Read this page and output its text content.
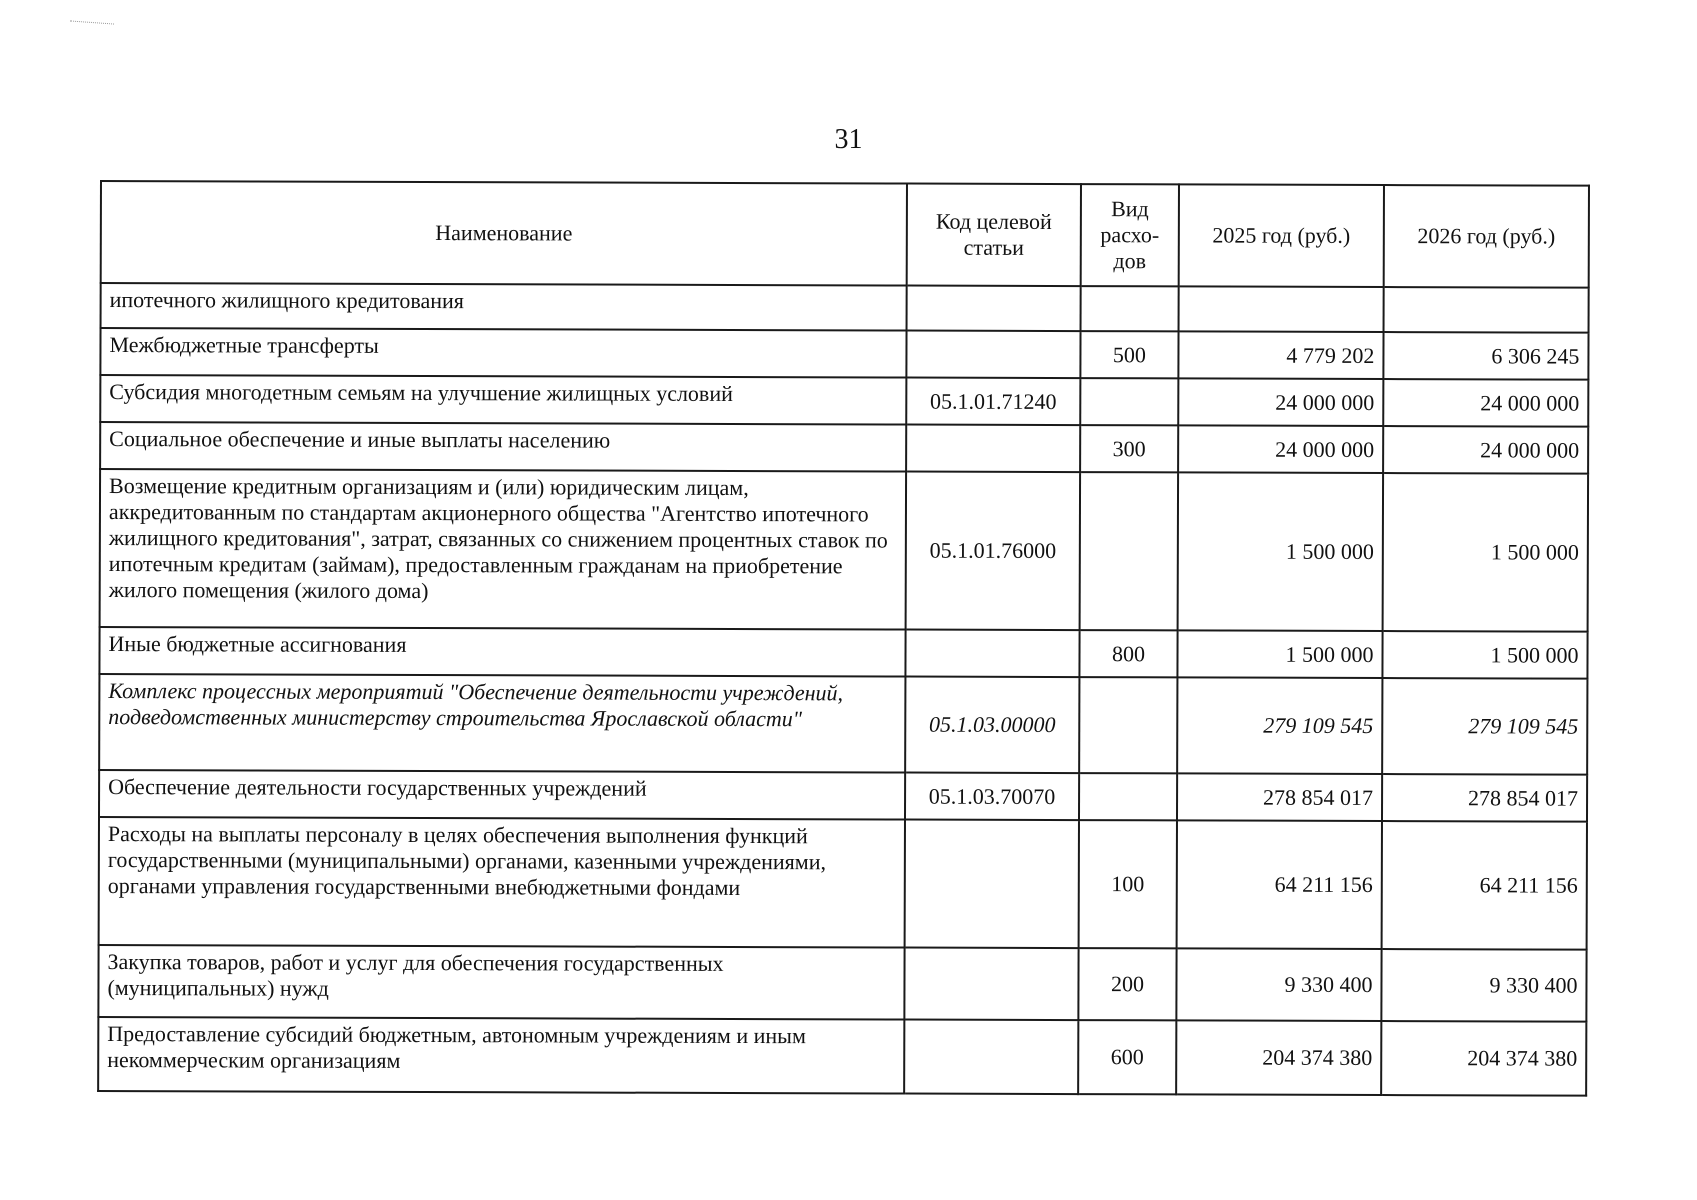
31
Наименование	Код целевой статьи	Вид расхо-дов	2025 год (руб.)	2026 год (руб.)
ипотечного жилищного кредитования				
Межбюджетные трансферты		500	4 779 202	6 306 245
Субсидия многодетным семьям на улучшение жилищных условий	05.1.01.71240		24 000 000	24 000 000
Социальное обеспечение и иные выплаты населению		300	24 000 000	24 000 000
Возмещение кредитным организациям и (или) юридическим лицам, аккредитованным по стандартам акционерного общества "Агентство ипотечного жилищного кредитования", затрат, связанных со снижением процентных ставок по ипотечным кредитам (займам), предоставленным гражданам на приобретение жилого помещения (жилого дома)	05.1.01.76000		1 500 000	1 500 000
Иные бюджетные ассигнования		800	1 500 000	1 500 000
Комплекс процессных мероприятий "Обеспечение деятельности учреждений, подведомственных министерству строительства Ярославской области"	05.1.03.00000		279 109 545	279 109 545
Обеспечение деятельности государственных учреждений	05.1.03.70070		278 854 017	278 854 017
Расходы на выплаты персоналу в целях обеспечения выполнения функций государственными (муниципальными) органами, казенными учреждениями, органами управления государственными внебюджетными фондами		100	64 211 156	64 211 156
Закупка товаров, работ и услуг для обеспечения государственных (муниципальных) нужд		200	9 330 400	9 330 400
Предоставление субсидий бюджетным, автономным учреждениям и иным некоммерческим организациям		600	204 374 380	204 374 380
